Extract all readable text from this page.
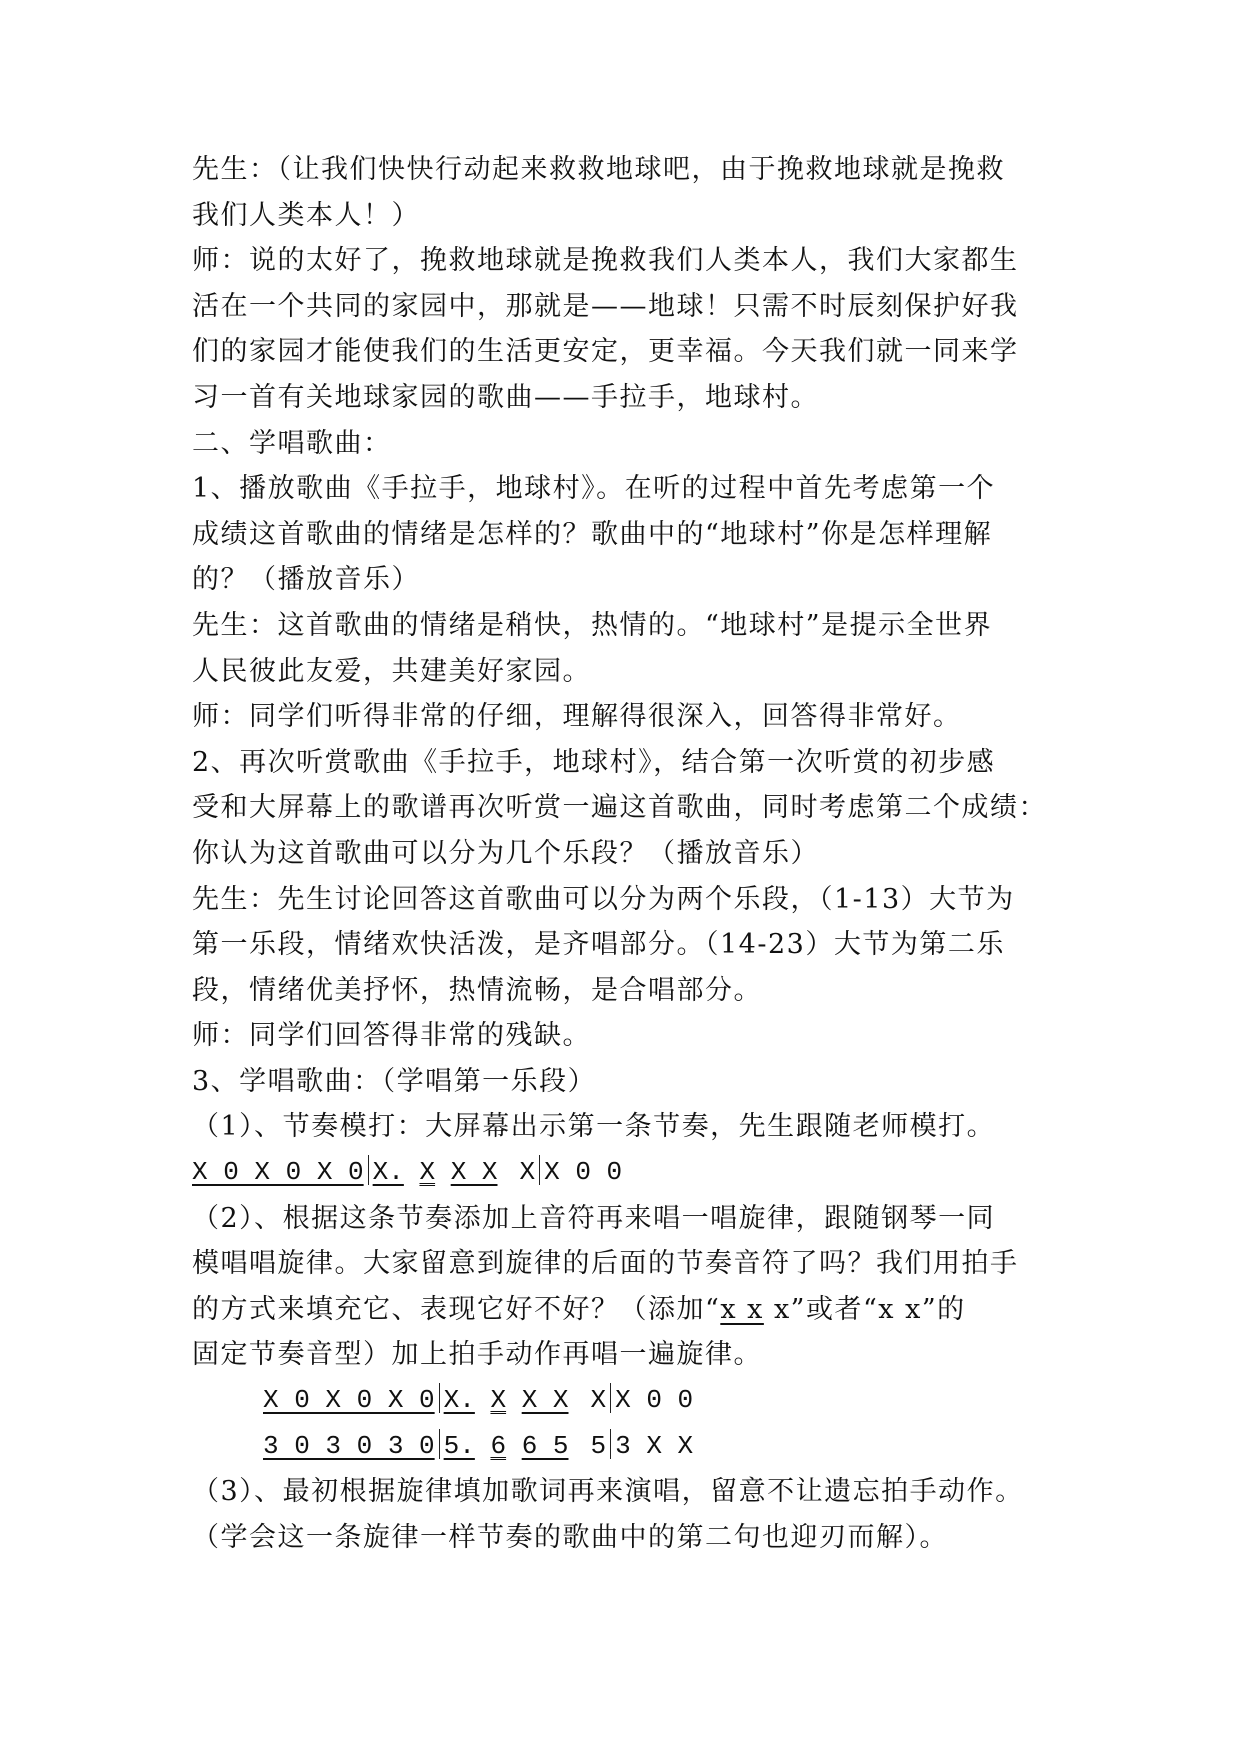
先生：（让我们快快行动起来救救地球吧，由于挽救地球就是挽救
我们人类本人！）
师：说的太好了，挽救地球就是挽救我们人类本人，我们大家都生
活在一个共同的家园中，那就是——地球！只需不时辰刻保护好我
们的家园才能使我们的生活更安定，更幸福。今天我们就一同来学
习一首有关地球家园的歌曲——手拉手，地球村。
二、学唱歌曲：
1、播放歌曲《手拉手，地球村》。在听的过程中首先考虑第一个
成绩这首歌曲的情绪是怎样的？歌曲中的“地球村”你是怎样理解
的？（播放音乐）
先生：这首歌曲的情绪是稍快，热情的。“地球村”是提示全世界
人民彼此友爱，共建美好家园。
师：同学们听得非常的仔细，理解得很深入，回答得非常好。
2、再次听赏歌曲《手拉手，地球村》，结合第一次听赏的初步感
受和大屏幕上的歌谱再次听赏一遍这首歌曲，同时考虑第二个成绩：
你认为这首歌曲可以分为几个乐段？（播放音乐）
先生：先生讨论回答这首歌曲可以分为两个乐段，（1-13）大节为
第一乐段，情绪欢快活泼，是齐唱部分。（14-23）大节为第二乐
段，情绪优美抒怀，热情流畅，是合唱部分。
师：同学们回答得非常的残缺。
3、学唱歌曲：（学唱第一乐段）
（1）、节奏模打：大屏幕出示第一条节奏，先生跟随老师模打。
X 0 X 0 X 0 X. X X X X X 0 0
（2）、根据这条节奏添加上音符再来唱一唱旋律，跟随钢琴一同
模唱唱旋律。大家留意到旋律的后面的节奏音符了吗？我们用拍手
的方式来填充它、表现它好不好？（添加“x x x”或者“x x”的
固定节奏音型）加上拍手动作再唱一遍旋律。
X 0 X 0 X 0 X. X X X X X 0 0
3 0 3 0 3 0 5. 6 6 5 5 3 X X
（3）、最初根据旋律填加歌词再来演唱，留意不让遗忘拍手动作。
（学会这一条旋律一样节奏的歌曲中的第二句也迎刃而解）。
